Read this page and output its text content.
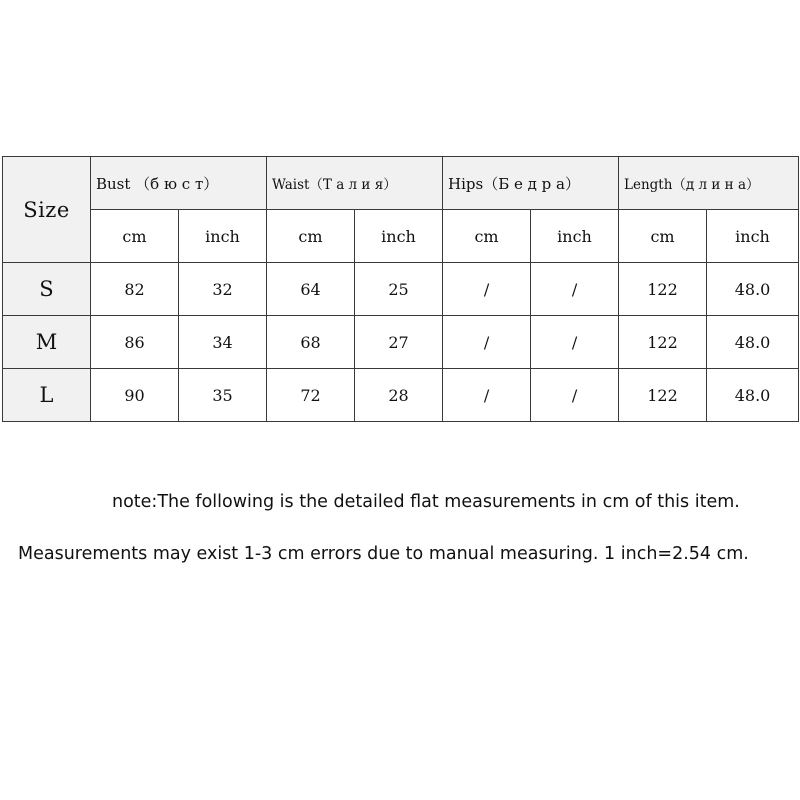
Size	Bust （б ю с т）		Waist（Т а л и я）		Hips（Б е д р а）		Length（д л и н а）	
	cm	inch	cm	inch	cm	inch	cm	inch
S	82	32	64	25	/	/	122	48.0
M	86	34	68	27	/	/	122	48.0
L	90	35	72	28	/	/	122	48.0
note:The following is the detailed flat measurements in cm of this item.
Measurements may exist 1-3 cm errors due to manual measuring. 1 inch=2.54 cm.
